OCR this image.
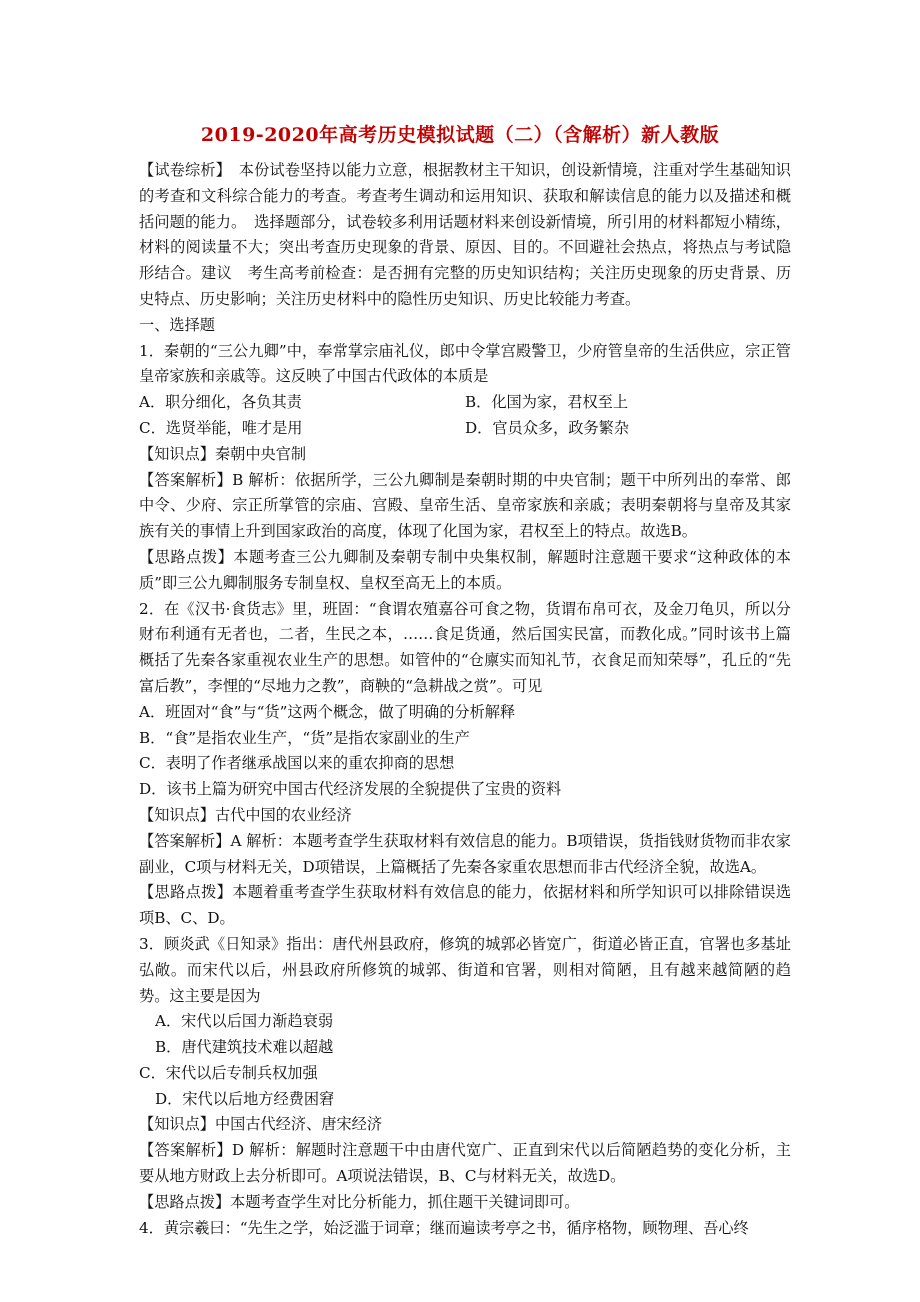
2019-2020年高考历史模拟试题（二）（含解析）新人教版

【试卷综析】　本份试卷坚持以能力立意，根据教材主干知识，创设新情境，注重对学生基础知识的考查和文科综合能力的考查。考查考生调动和运用知识、获取和解读信息的能力以及描述和概括问题的能力。　选择题部分，试卷较多利用话题材料来创设新情境，所引用的材料都短小精练，材料的阅读量不大；突出考查历史现象的背景、原因、目的。不回避社会热点，将热点与考试隐形结合。建议　考生高考前检查：是否拥有完整的历史知识结构；关注历史现象的历史背景、历史特点、历史影响；关注历史材料中的隐性历史知识、历史比较能力考查。

一、选择题

1．秦朝的“三公九卿”中，奉常掌宗庙礼仪，郎中令掌宫殿警卫，少府管皇帝的生活供应，宗正管皇帝家族和亲戚等。这反映了中国古代政体的本质是

A．职分细化，各负其责	B．化国为家，君权至上
C．选贤举能，唯才是用	D．官员众多，政务繁杂

【知识点】秦朝中央官制

【答案解析】B 解析：依据所学，三公九卿制是秦朝时期的中央官制；题干中所列出的奉常、郎中令、少府、宗正所掌管的宗庙、宫殿、皇帝生活、皇帝家族和亲戚；表明秦朝将与皇帝及其家族有关的事情上升到国家政治的高度，体现了化国为家，君权至上的特点。故选B。

【思路点拨】本题考查三公九卿制及秦朝专制中央集权制，解题时注意题干要求“这种政体的本质”即三公九卿制服务专制皇权、皇权至高无上的本质。

2．在《汉书·食货志》里，班固：“食谓农殖嘉谷可食之物，货谓布帛可衣，及金刀龟贝，所以分财布利通有无者也，二者，生民之本，……食足货通，然后国实民富，而教化成。”同时该书上篇概括了先秦各家重视农业生产的思想。如管仲的“仓廪实而知礼节，衣食足而知荣辱”，孔丘的“先富后教”，李悝的“尽地力之教”，商鞅的“急耕战之赏”。可见

A．班固对“食”与“货”这两个概念，做了明确的分析解释

B．“食”是指农业生产，“货”是指农家副业的生产

C．表明了作者继承战国以来的重农抑商的思想

D．该书上篇为研究中国古代经济发展的全貌提供了宝贵的资料

【知识点】古代中国的农业经济

【答案解析】A 解析：本题考查学生获取材料有效信息的能力。B项错误，货指钱财货物而非农家副业，C项与材料无关，D项错误，上篇概括了先秦各家重农思想而非古代经济全貌，故选A。

【思路点拨】本题着重考查学生获取材料有效信息的能力，依据材料和所学知识可以排除错误选项B、C、D。

3．顾炎武《日知录》指出：唐代州县政府，修筑的城郭必皆宽广，街道必皆正直，官署也多基址弘敞。而宋代以后，州县政府所修筑的城郭、街道和官署，则相对简陋，且有越来越简陋的趋势。这主要是因为

A．宋代以后国力渐趋衰弱
B．唐代建筑技术难以超越
C．宋代以后专制兵权加强
D．宋代以后地方经费困窘

【知识点】中国古代经济、唐宋经济

【答案解析】D 解析：解题时注意题干中由唐代宽广、正直到宋代以后简陋趋势的变化分析，主要从地方财政上去分析即可。A项说法错误，B、C与材料无关，故选D。

【思路点拨】本题考查学生对比分析能力，抓住题干关键词即可。

4．黄宗羲曰：“先生之学，始泛滥于词章；继而遍读考亭之书，循序格物，顾物理、吾心终
